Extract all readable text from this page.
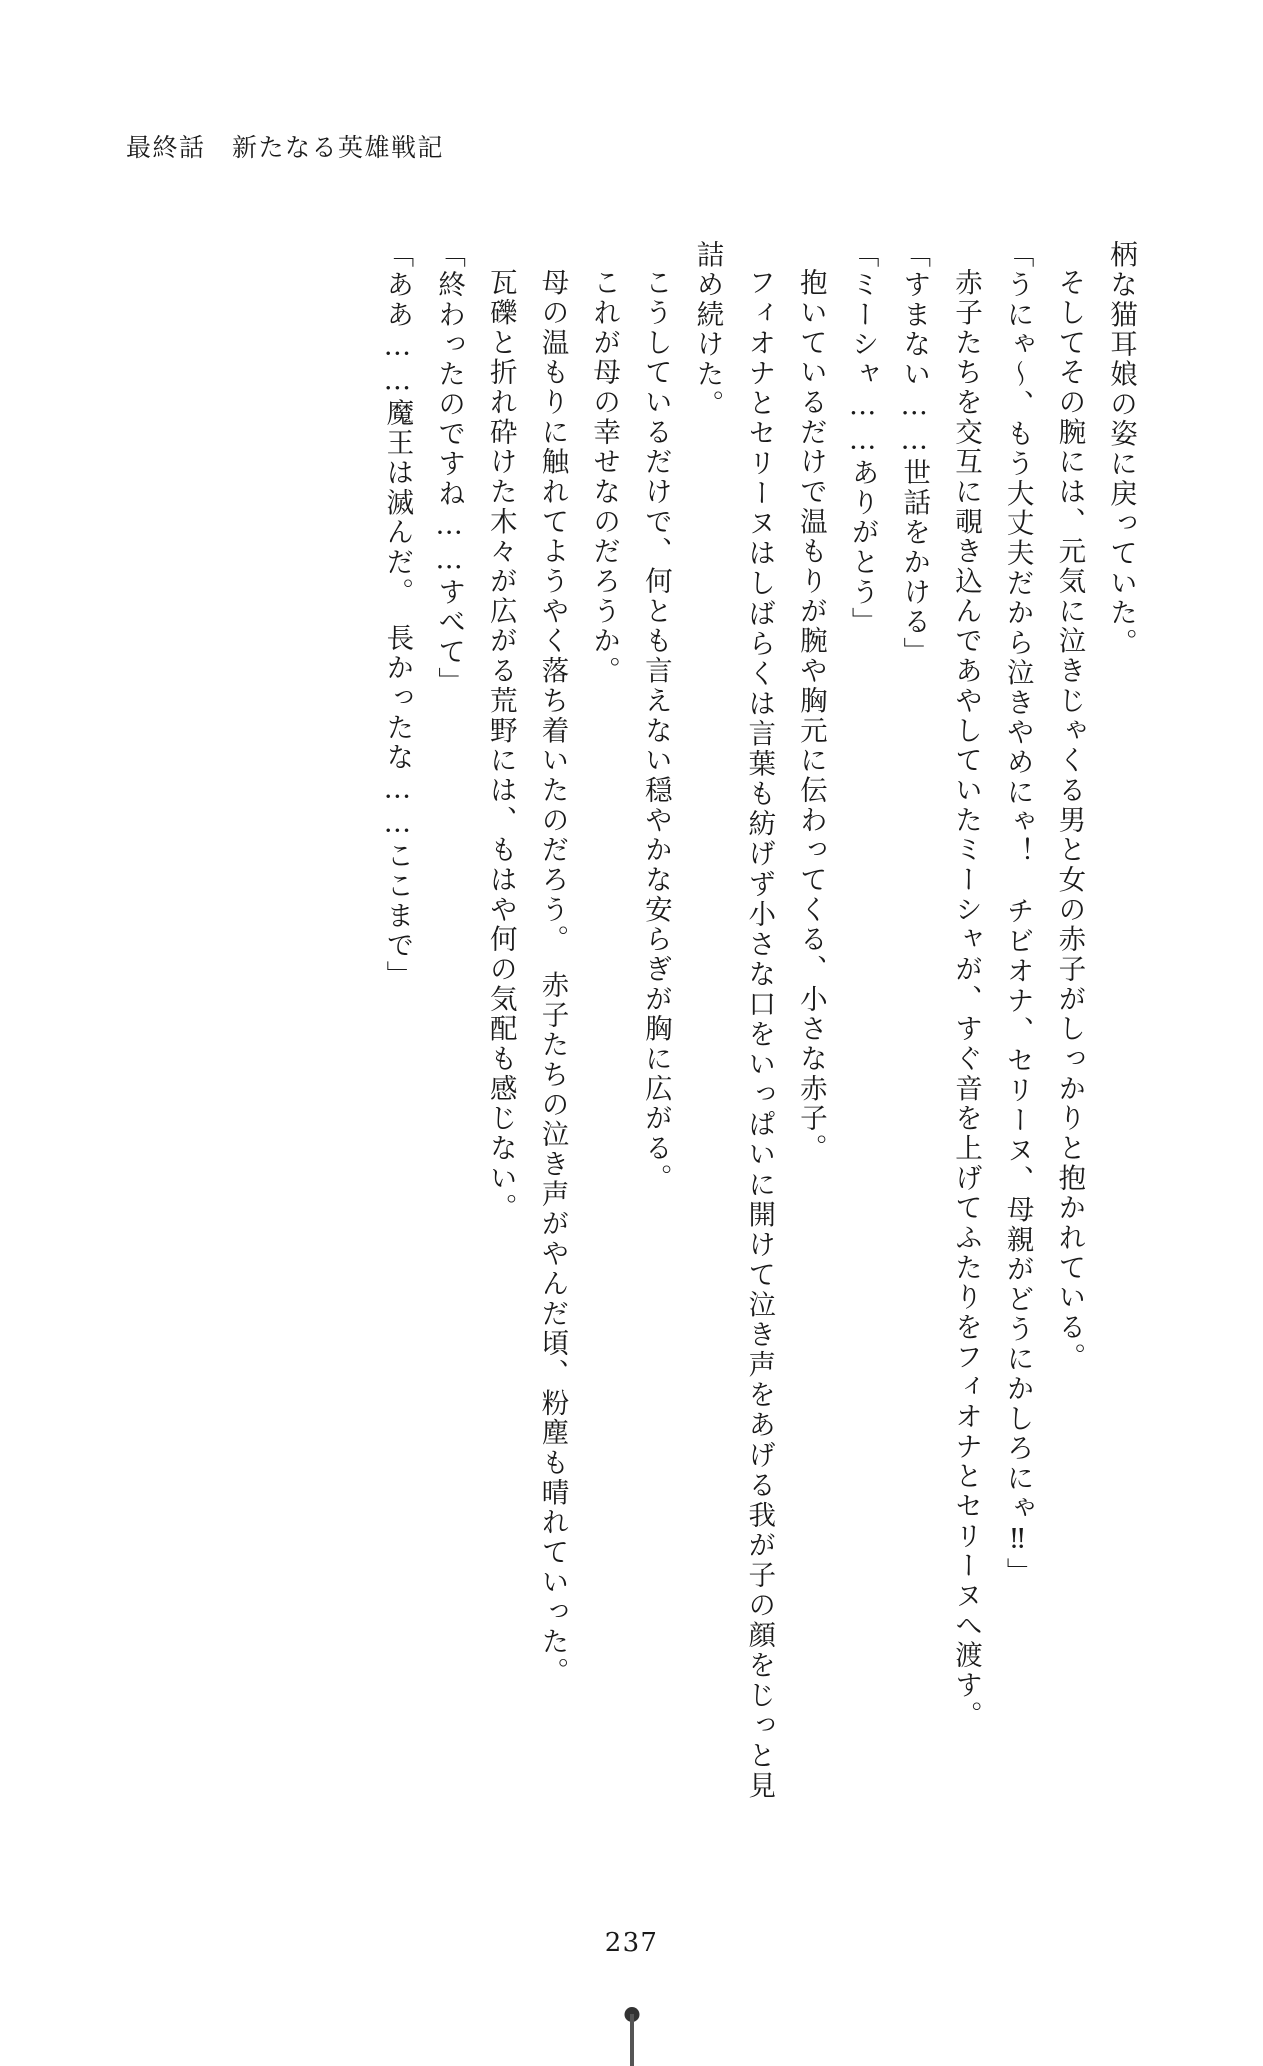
最終話　新たなる英雄戦記

柄な猫耳娘の姿に戻っていた。

そしてその腕には、元気に泣きじゃくる男と女の赤子がしっかりと抱かれている。

「うにゃ～、もう大丈夫だから泣きやめにゃ！　チビオナ、セリーヌ、母親がどうにかしろにゃ‼」

赤子たちを交互に覗き込んであやしていたミーシャが、すぐ音を上げてふたりをフィオナとセリーヌへ渡す。

「すまない……世話をかける」

「ミーシャ……ありがとう」

抱いているだけで温もりが腕や胸元に伝わってくる、小さな赤子。

フィオナとセリーヌはしばらくは言葉も紡げず小さな口をいっぱいに開けて泣き声をあげる我が子の顔をじっと見詰め続けた。

こうしているだけで、何とも言えない穏やかな安らぎが胸に広がる。

これが母の幸せなのだろうか。

母の温もりに触れてようやく落ち着いたのだろう。　赤子たちの泣き声がやんだ頃、粉塵も晴れていった。

瓦礫と折れ砕けた木々が広がる荒野には、もはや何の気配も感じない。

「終わったのですね……すべて」

「ああ……魔王は滅んだ。　長かったな……ここまで」

237
